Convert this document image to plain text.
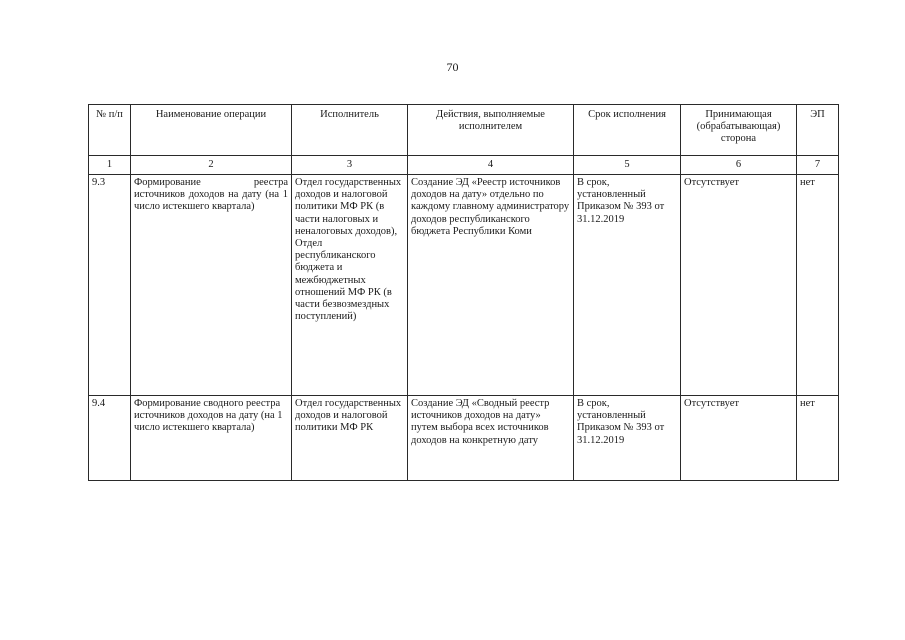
70
№ п/п	Наименование операции	Исполнитель	Действия, выполняемые исполнителем	Срок исполнения	Принимающая (обрабатывающая) сторона	ЭП
1	2	3	4	5	6	7
9.3	Формирование реестра источников доходов на дату (на 1 число истекшего квартала)	Отдел государственных доходов и налоговой политики МФ РК (в части налоговых и неналоговых доходов), Отдел республиканского бюджета и межбюджетных отношений МФ РК (в части безвозмездных поступлений)	Создание ЭД «Реестр источников доходов на дату» отдельно по каждому главному администратору доходов республиканского бюджета Республики Коми	В срок, установленный Приказом № 393 от 31.12.2019	Отсутствует	нет
9.4	Формирование сводного реестра источников доходов на дату (на 1 число истекшего квартала)	Отдел государственных доходов и налоговой политики МФ РК	Создание ЭД «Сводный реестр источников доходов на дату» путем выбора всех источников доходов на конкретную дату	В срок, установленный Приказом № 393 от 31.12.2019	Отсутствует	нет
